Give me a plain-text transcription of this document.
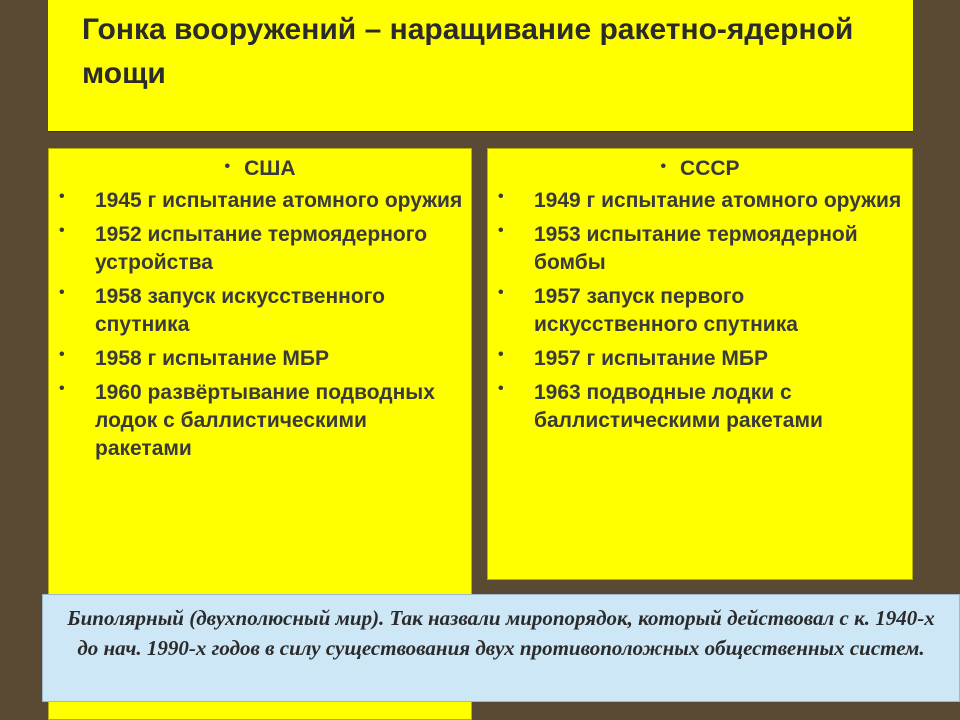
Гонка вооружений – наращивание ракетно-ядерной мощи
• США
• 1945 г испытание атомного оружия
• 1952 испытание термоядерного устройства
• 1958 запуск искусственного спутника
• 1958 г испытание МБР
• 1960 развёртывание подводных лодок с баллистическими ракетами
• СССР
• 1949 г испытание атомного оружия
• 1953 испытание термоядерной бомбы
• 1957 запуск первого искусственного спутника
• 1957 г испытание МБР
• 1963 подводные лодки с баллистическими ракетами
Биполярный (двухполюсный мир). Так назвали миропорядок, который действовал с к. 1940-х до нач. 1990-х годов в силу существования двух противоположных общественных систем.
